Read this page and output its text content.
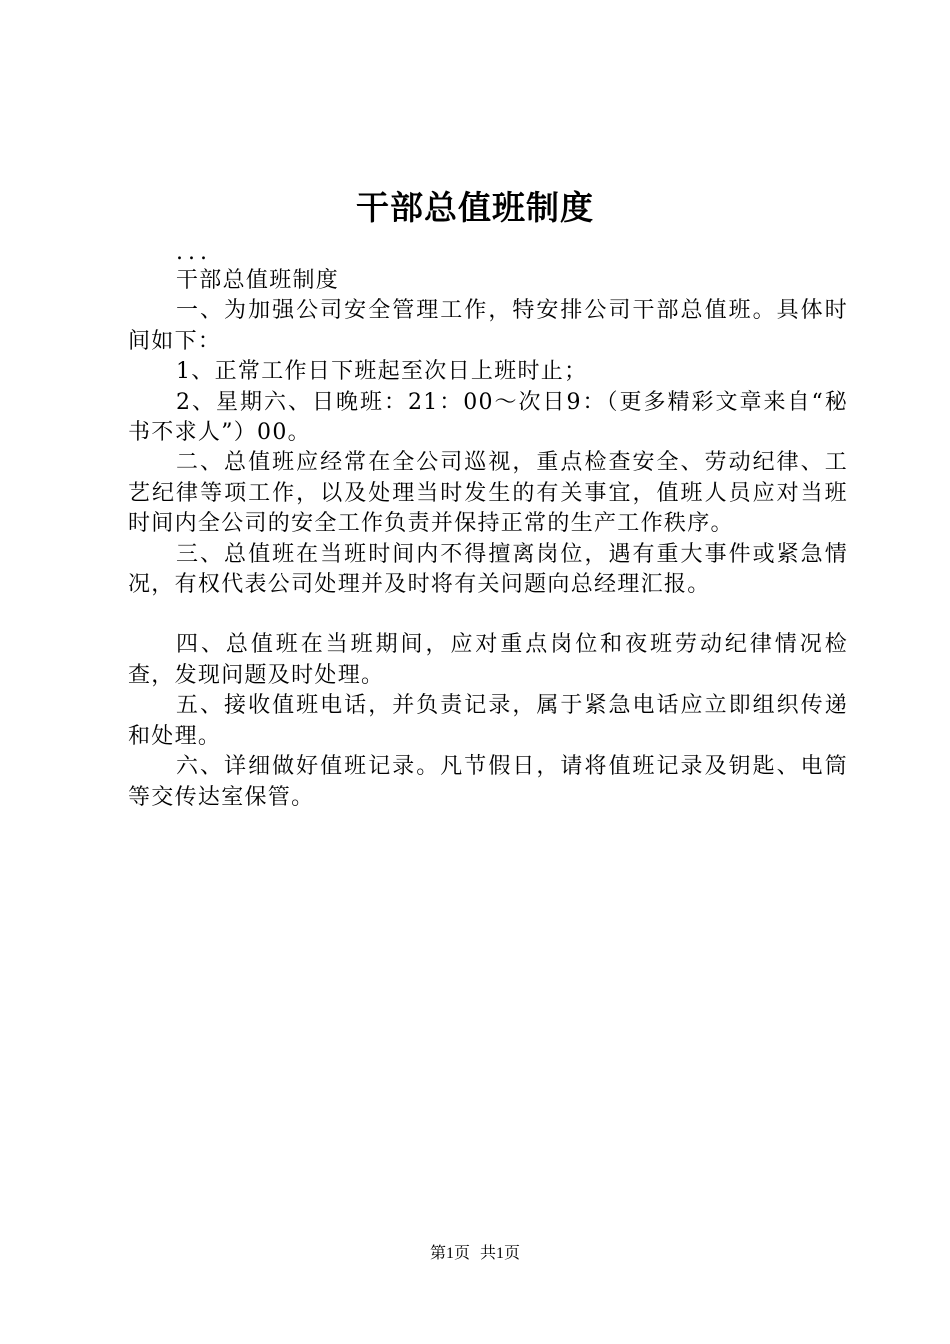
干部总值班制度

...

干部总值班制度

一、为加强公司安全管理工作，特安排公司干部总值班。具体时间如下：

1、正常工作日下班起至次日上班时止；

2、星期六、日晚班：21：00～次日9：（更多精彩文章来自“秘书不求人”）00。

二、总值班应经常在全公司巡视，重点检查安全、劳动纪律、工艺纪律等项工作，以及处理当时发生的有关事宜，值班人员应对当班时间内全公司的安全工作负责并保持正常的生产工作秩序。

三、总值班在当班时间内不得擅离岗位，遇有重大事件或紧急情况，有权代表公司处理并及时将有关问题向总经理汇报。

四、总值班在当班期间，应对重点岗位和夜班劳动纪律情况检查，发现问题及时处理。

五、接收值班电话，并负责记录，属于紧急电话应立即组织传递和处理。

六、详细做好值班记录。凡节假日，请将值班记录及钥匙、电筒等交传达室保管。

第1页 共1页
